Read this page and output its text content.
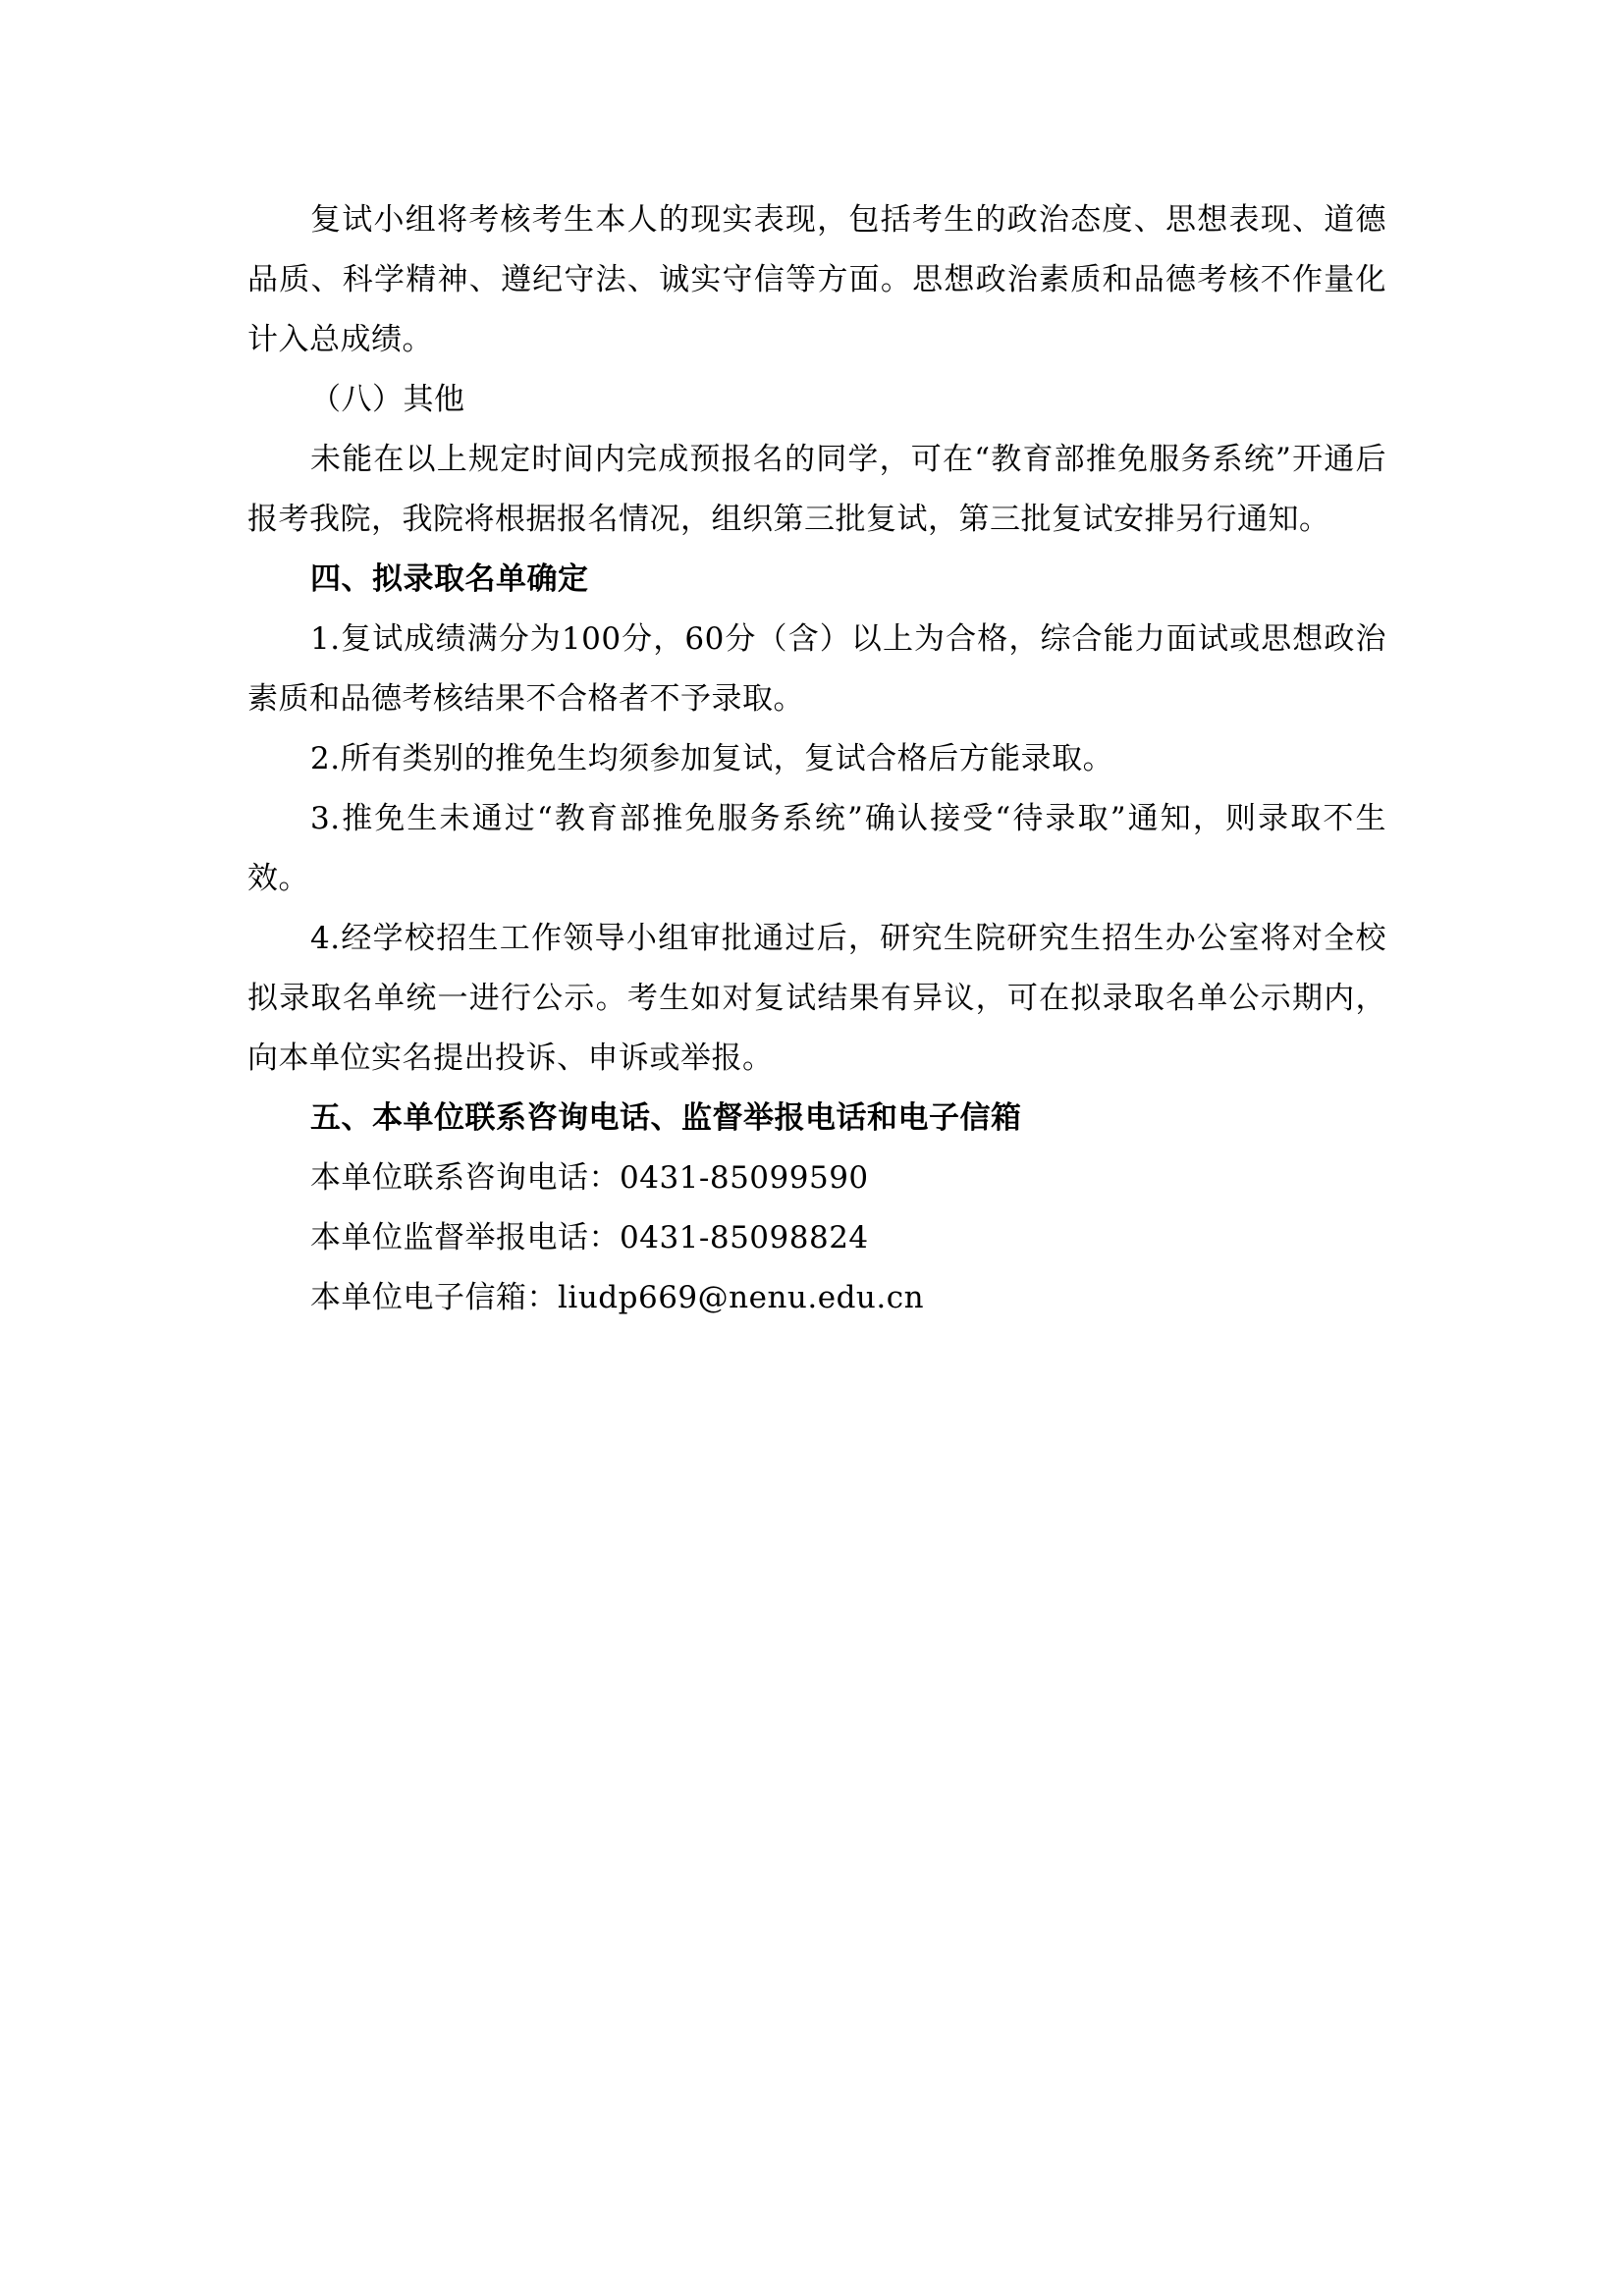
复试小组将考核考生本人的现实表现，包括考生的政治态度、思想表现、道德品质、科学精神、遵纪守法、诚实守信等方面。思想政治素质和品德考核不作量化计入总成绩。

（八）其他

未能在以上规定时间内完成预报名的同学，可在“教育部推免服务系统”开通后报考我院，我院将根据报名情况，组织第三批复试，第三批复试安排另行通知。

四、拟录取名单确定

1.复试成绩满分为100分，60分（含）以上为合格，综合能力面试或思想政治素质和品德考核结果不合格者不予录取。

2.所有类别的推免生均须参加复试，复试合格后方能录取。

3.推免生未通过“教育部推免服务系统”确认接受“待录取”通知，则录取不生效。

4.经学校招生工作领导小组审批通过后，研究生院研究生招生办公室将对全校拟录取名单统一进行公示。考生如对复试结果有异议，可在拟录取名单公示期内，向本单位实名提出投诉、申诉或举报。

五、本单位联系咨询电话、监督举报电话和电子信箱

本单位联系咨询电话：0431-85099590

本单位监督举报电话：0431-85098824

本单位电子信箱：liudp669@nenu.edu.cn
